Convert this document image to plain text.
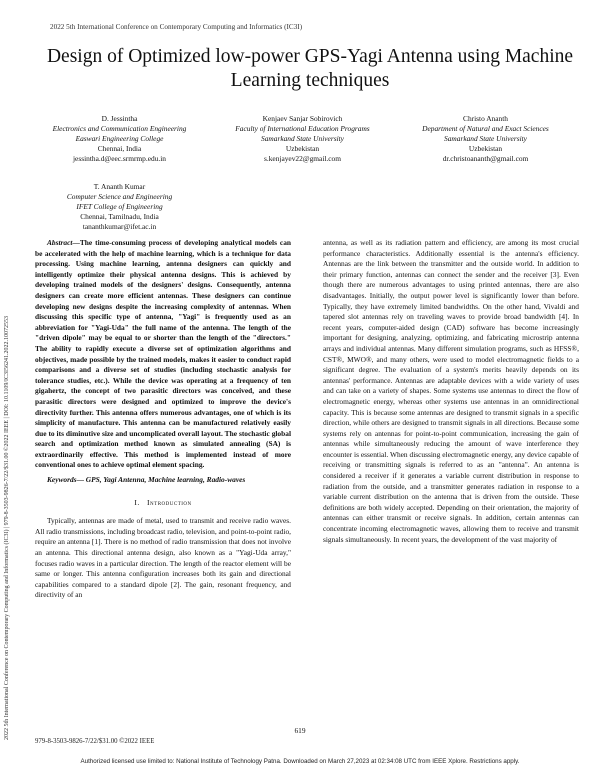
2022 5th International Conference on Contemporary Computing and Informatics (IC3I)
Design of Optimized low-power GPS-Yagi Antenna using Machine Learning techniques
2022 5th International Conference on Contemporary Computing and Informatics (IC3I) | 979-8-3503-9826-7/22/$31.00 ©2022 IEEE | DOI: 10.1109/IC3I56241.2022.10072553
D. Jessintha
Electronics and Communication Engineering
Easwari Engineering College
Chennai, India
jessintha.d@eec.srmrmp.edu.in
Kenjaev Sanjar Sobirovich
Faculty of International Education Programs
Samarkand State University
Uzbekistan
s.kenjayev22@gmail.com
Christo Ananth
Department of Natural and Exact Sciences
Samarkand State University
Uzbekistan
dr.christoananth@gmail.com
T. Ananth Kumar
Computer Science and Engineering
IFET College of Engineering
Chennai, Tamilnadu, India
tananthkumar@ifet.ac.in

Abstract—The time-consuming process of developing analytical models can be accelerated with the help of machine learning, which is a technique for data processing. Using machine learning, antenna designers can quickly and intelligently optimize their physical antenna designs. This is achieved by developing trained models of the designers' designs. Consequently, antenna designers can create more efficient antennas. These designers can continue developing new designs despite the increasing complexity of antennas. When discussing this specific type of antenna, "Yagi" is frequently used as an abbreviation for "Yagi-Uda" the full name of the antenna. The length of the "driven dipole" may be equal to or shorter than the length of the "directors." The ability to rapidly execute a diverse set of optimization algorithms and objectives, made possible by the trained models, makes it easier to conduct rapid comparisons and a diverse set of studies (including stochastic analysis for tolerance studies, etc.). While the device was operating at a frequency of ten gigahertz, the concept of two parasitic directors was conceived, and these parasitic directors were designed and optimized to improve the device's directivity further. This antenna offers numerous advantages, one of which is its simplicity of manufacture. This antenna can be manufactured relatively easily due to its diminutive size and uncomplicated overall layout. The stochastic global search and optimization method known as simulated annealing (SA) is extraordinarily effective. This method is implemented instead of more conventional ones to achieve optimal element spacing.

Keywords— GPS, Yagi Antenna, Machine learning, Radio-waves

I. Introduction

Typically, antennas are made of metal, used to transmit and receive radio waves. All radio transmissions, including broadcast radio, television, and point-to-point radio, require an antenna [1]. There is no method of radio transmission that does not involve an antenna. This directional antenna design, also known as a "Yagi-Uda array," focuses radio waves in a particular direction. The length of the reactor element will be same or longer. This antenna configuration increases both its gain and directional capabilities compared to a standard dipole [2]. The gain, resonant frequency, and directivity of an

antenna, as well as its radiation pattern and efficiency, are among its most crucial performance characteristics. Additionally essential is the antenna's efficiency. Antennas are the link between the transmitter and the outside world. In addition to their primary function, antennas can connect the sender and the receiver [3]. Even though there are numerous advantages to using printed antennas, there are also disadvantages. Initially, the output power level is significantly lower than before. Typically, they have extremely limited bandwidths. On the other hand, Vivaldi and tapered slot antennas rely on traveling waves to provide broad bandwidth [4]. In recent years, computer-aided design (CAD) software has become increasingly important for designing, analyzing, optimizing, and fabricating microstrip antenna arrays and individual antennas. Many different simulation programs, such as HFSS®, CST®, MWO®, and many others, were used to model electromagnetic fields to a significant degree. The evaluation of a system's merits heavily depends on its antennas' performance. Antennas are adaptable devices with a wide variety of uses and can take on a variety of shapes. Some systems use antennas to direct the flow of electromagnetic energy, whereas other systems use antennas in an omnidirectional capacity. This is because some antennas are designed to transmit signals in a specific direction, while others are designed to transmit signals in all directions. Because some systems rely on antennas for point-to-point communication, increasing the gain of antennas while simultaneously reducing the amount of wave interference they encounter is essential. When discussing electromagnetic energy, any device capable of receiving or transmitting signals is referred to as an "antenna". An antenna is considered a receiver if it generates a variable current distribution in response to radiation from the outside, and a transmitter generates radiation in response to a variable current distribution on the antenna that is driven from the outside. These definitions are both widely accepted. Depending on their orientation, the majority of antennas can either transmit or receive signals. In addition, certain antennas can concentrate incoming electromagnetic waves, allowing them to receive and transmit signals simultaneously. In recent years, the development of the vast majority of

619
979-8-3503-9826-7/22/$31.00 ©2022 IEEE
Authorized licensed use limited to: National Institute of Technology Patna. Downloaded on March 27,2023 at 02:34:08 UTC from IEEE Xplore. Restrictions apply.
